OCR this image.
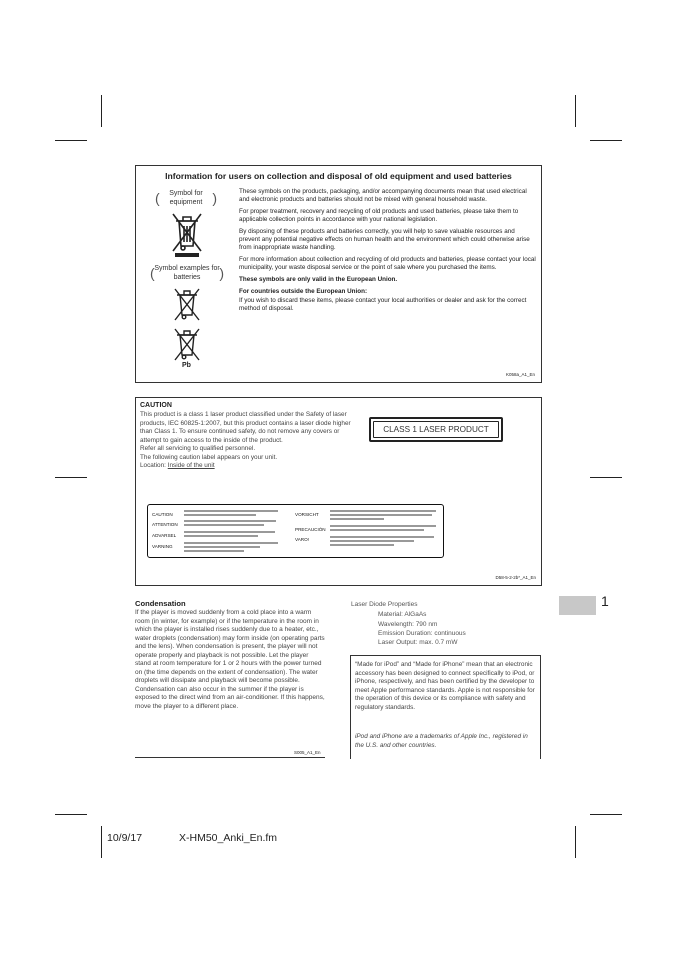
Information for users on collection and disposal of old equipment and used batteries
( Symbol for equipment )
( Symbol examples for batteries )
Pb

These symbols on the products, packaging, and/or accompanying documents mean that used electrical and electronic products and batteries should not be mixed with general household waste.

For proper treatment, recovery and recycling of old products and used batteries, please take them to applicable collection points in accordance with your national legislation.

By disposing of these products and batteries correctly, you will help to save valuable resources and prevent any potential negative effects on human health and the environment which could otherwise arise from inappropriate waste handling.

For more information about collection and recycling of old products and batteries, please contact your local municipality, your waste disposal service or the point of sale where you purchased the items.

These symbols are only valid in the European Union.

For countries outside the European Union:

If you wish to discard these items, please contact your local authorities or dealer and ask for the correct method of disposal.

K058a_A1_En
CAUTION
This product is a class 1 laser product classified under the Safety of laser products, IEC 60825-1:2007, but this product contains a laser diode higher than Class 1. To ensure continued safety, do not remove any covers or attempt to gain access to the inside of the product.
Refer all servicing to qualified personnel.
The following caution label appears on your unit.
Location: Inside of the unit
CLASS 1 LASER PRODUCT
CAUTION
ATTENTION
ADVARSEL
VARNING
VORSICHT
PRECAUCIÓN
VARO!
D58-5-2-2b*_A1_En
Condensation
If the player is moved suddenly from a cold place into a warm room (in winter, for example) or if the temperature in the room in which the player is installed rises suddenly due to a heater, etc., water droplets (condensation) may form inside (on operating parts and the lens). When condensation is present, the player will not operate properly and playback is not possible. Let the player stand at room temperature for 1 or 2 hours with the power turned on (the time depends on the extent of condensation). The water droplets will dissipate and playback will become possible. Condensation can also occur in the summer if the player is exposed to the direct wind from an air-conditioner. If this happens, move the player to a different place.
S005_A1_En
Laser Diode Properties
Material: AlGaAs
Wavelength: 790 nm
Emission Duration: continuous
Laser Output: max. 0.7 mW
“Made for iPod” and “Made for iPhone” mean that an electronic accessory has been designed to connect specifically to iPod, or iPhone, respectively, and has been certified by the developer to meet Apple performance standards. Apple is not responsible for the operation of this device or its compliance with safety and regulatory standards.
iPod and iPhone are a trademarks of Apple Inc., registered in the U.S. and other countries.
1
10/9/17	X-HM50_Anki_En.fm
